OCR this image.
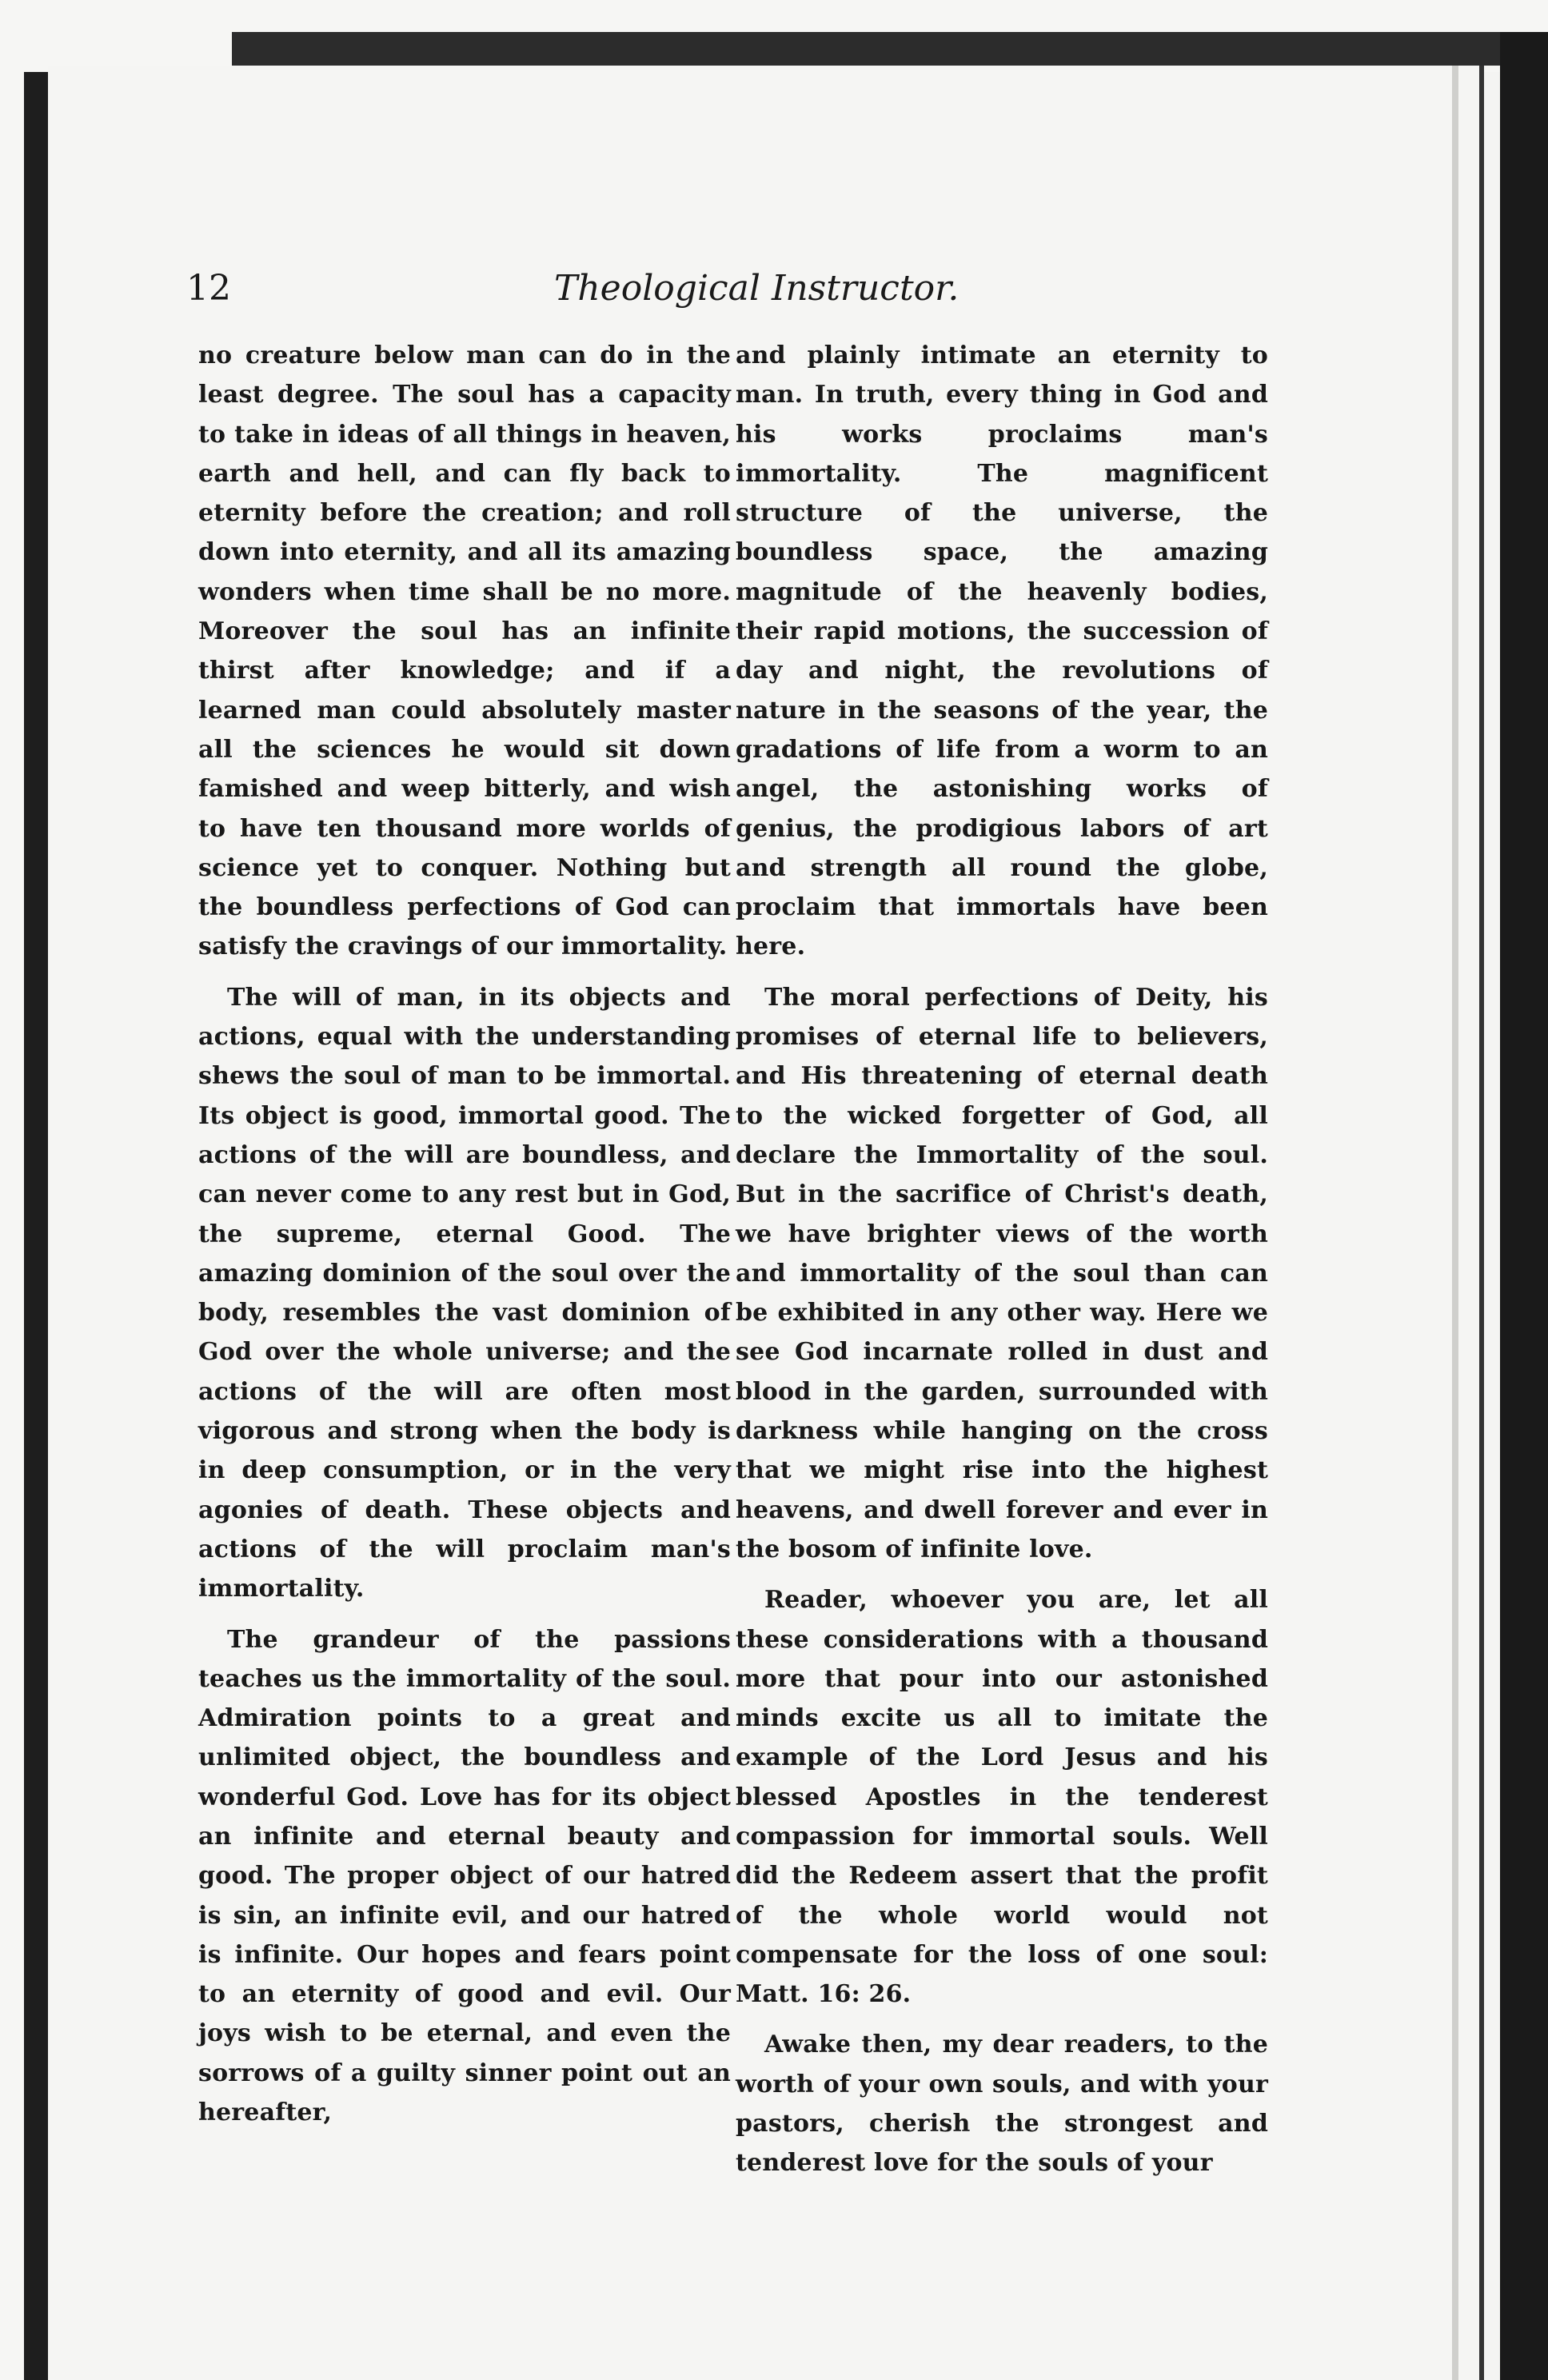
12	Theological Instructor.

no creature below man can do in the least degree. The soul has a capacity to take in ideas of all things in heaven, earth and hell, and can fly back to eternity before the creation; and roll down into eternity, and all its amazing wonders when time shall be no more. Moreover the soul has an infinite thirst after knowledge; and if a learned man could absolutely master all the sciences he would sit down famished and weep bitterly, and wish to have ten thousand more worlds of science yet to conquer. Nothing but the boundless perfections of God can satisfy the cravings of our immortality.

The will of man, in its objects and actions, equal with the understanding shews the soul of man to be immortal. Its object is good, immortal good. The actions of the will are boundless, and can never come to any rest but in God, the supreme, eternal Good. The amazing dominion of the soul over the body, resembles the vast dominion of God over the whole universe; and the actions of the will are often most vigorous and strong when the body is in deep consumption, or in the very agonies of death. These objects and actions of the will proclaim man's immortality.

The grandeur of the passions teaches us the immortality of the soul. Admiration points to a great and unlimited object, the boundless and wonderful God. Love has for its object an infinite and eternal beauty and good. The proper object of our hatred is sin, an infinite evil, and our hatred is infinite. Our hopes and fears point to an eternity of good and evil. Our joys wish to be eternal, and even the sorrows of a guilty sinner point out an hereafter,

and plainly intimate an eternity to man. In truth, every thing in God and his works proclaims man's immortality. The magnificent structure of the universe, the boundless space, the amazing magnitude of the heavenly bodies, their rapid motions, the succession of day and night, the revolutions of nature in the seasons of the year, the gradations of life from a worm to an angel, the astonishing works of genius, the prodigious labors of art and strength all round the globe, proclaim that immortals have been here.

The moral perfections of Deity, his promises of eternal life to believers, and His threatening of eternal death to the wicked forgetter of God, all declare the Immortality of the soul. But in the sacrifice of Christ's death, we have brighter views of the worth and immortality of the soul than can be exhibited in any other way. Here we see God incarnate rolled in dust and blood in the garden, surrounded with darkness while hanging on the cross that we might rise into the highest heavens, and dwell forever and ever in the bosom of infinite love.

Reader, whoever you are, let all these considerations with a thousand more that pour into our astonished minds excite us all to imitate the example of the Lord Jesus and his blessed Apostles in the tenderest compassion for immortal souls. Well did the Redeem assert that the profit of the whole world would not compensate for the loss of one soul: Matt. 16: 26.

Awake then, my dear readers, to the worth of your own souls, and with your pastors, cherish the strongest and tenderest love for the souls of your
